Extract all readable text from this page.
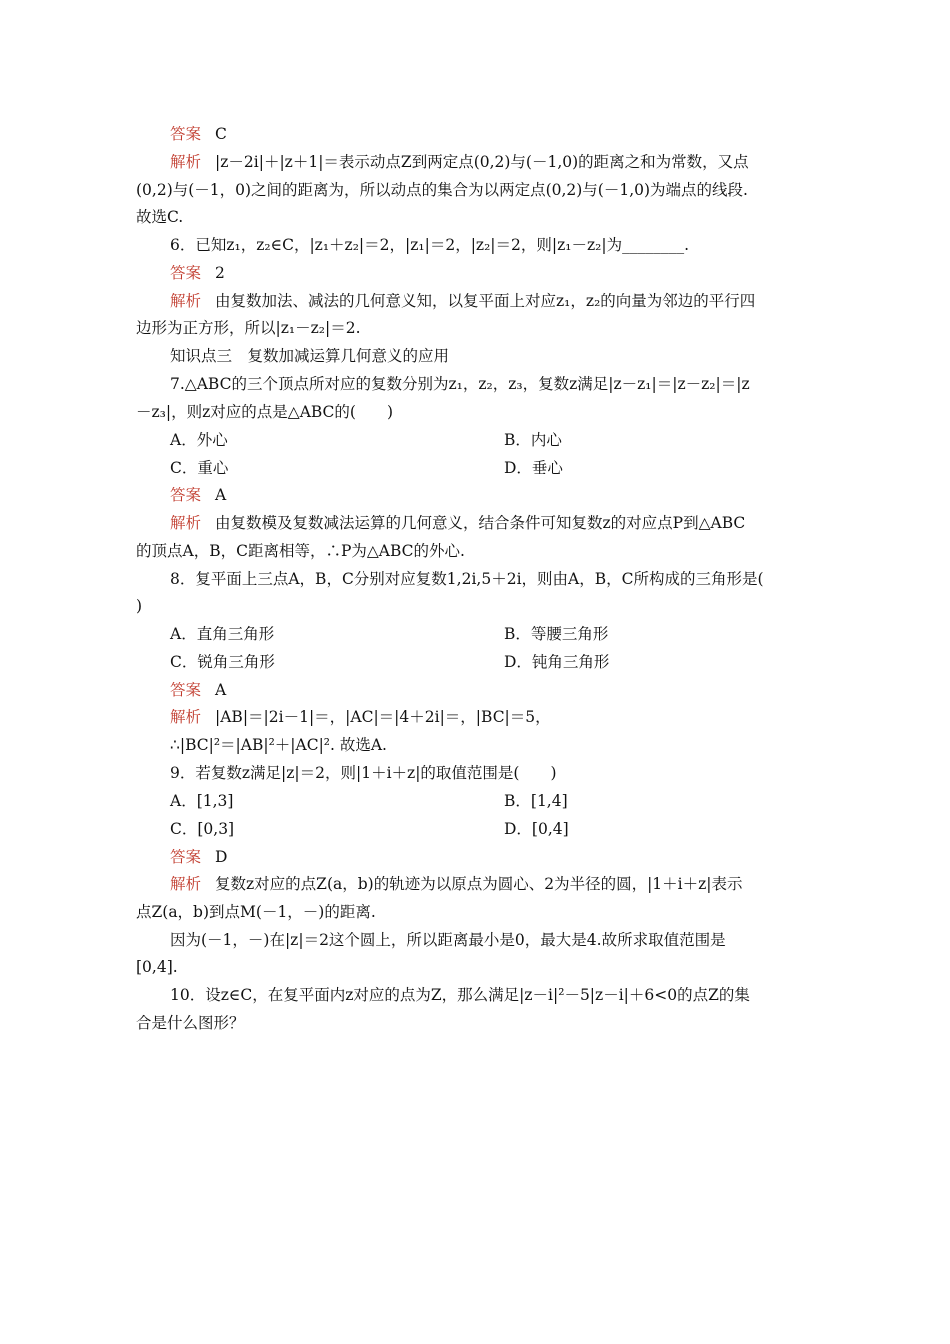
答案 C
解析 |z－2i|＋|z＋1|＝表示动点Z到两定点(0,2)与(－1,0)的距离之和为常数，又点
(0,2)与(－1，0)之间的距离为，所以动点的集合为以两定点(0,2)与(－1,0)为端点的线段.
故选C.
6．已知z₁，z₂∈C，|z₁＋z₂|＝2，|z₁|＝2，|z₂|＝2，则|z₁－z₂|为________.
答案 2
解析 由复数加法、减法的几何意义知，以复平面上对应z₁，z₂的向量为邻边的平行四
边形为正方形，所以|z₁－z₂|＝2.
知识点三　复数加减运算几何意义的应用
7.△ABC的三个顶点所对应的复数分别为z₁，z₂，z₃，复数z满足|z－z₁|＝|z－z₂|＝|z
－z₃|，则z对应的点是△ABC的(　　)
答案 A
解析 由复数模及复数减法运算的几何意义，结合条件可知复数z的对应点P到△ABC
的顶点A，B，C距离相等，∴P为△ABC的外心.
8．复平面上三点A，B，C分别对应复数1,2i,5＋2i，则由A，B，C所构成的三角形是(
)
答案 A
解析 |AB|＝|2i－1|＝，|AC|＝|4＋2i|＝，|BC|＝5，
∴|BC|²＝|AB|²＋|AC|². 故选A.
9．若复数z满足|z|＝2，则|1＋i＋z|的取值范围是(　　)
答案 D
解析 复数z对应的点Z(a，b)的轨迹为以原点为圆心、2为半径的圆，|1＋i＋z|表示
点Z(a，b)到点M(－1，－)的距离.
因为(－1，－)在|z|＝2这个圆上，所以距离最小是0，最大是4.故所求取值范围是
[0,4].
10．设z∈C，在复平面内z对应的点为Z，那么满足|z－i|²－5|z－i|＋6<0的点Z的集
合是什么图形？
A．外心	B．内心
C．重心	D．垂心
A．直角三角形	B．等腰三角形
C．锐角三角形	D．钝角三角形
A．[1,3]	B．[1,4]
C．[0,3]	D．[0,4]
